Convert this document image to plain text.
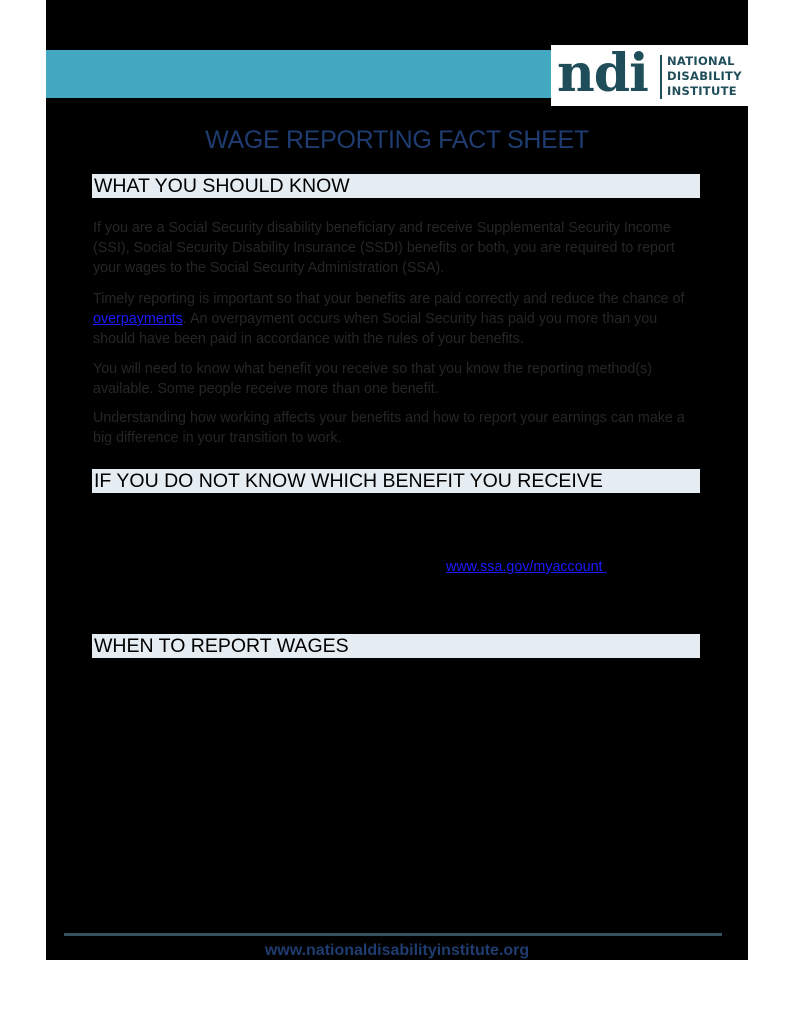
ndi NATIONAL
DISABILITY
INSTITUTE
WAGE REPORTING FACT SHEET
WHAT YOU SHOULD KNOW

If you are a Social Security disability beneficiary and receive Supplemental Security Income (SSI), Social Security Disability Insurance (SSDI) benefits or both, you are required to report your wages to the Social Security Administration (SSA).

Timely reporting is important so that your benefits are paid correctly and reduce the chance of overpayments. An overpayment occurs when Social Security has paid you more than you should have been paid in accordance with the rules of your benefits.

You will need to know what benefit you receive so that you know the reporting method(s) available. Some people receive more than one benefit.

Understanding how working affects your benefits and how to report your earnings can make a big difference in your transition to work.

IF YOU DO NOT KNOW WHICH BENEFIT YOU RECEIVE
www.ssa.gov/myaccount
WHEN TO REPORT WAGES
www.nationaldisabilityinstitute.org
